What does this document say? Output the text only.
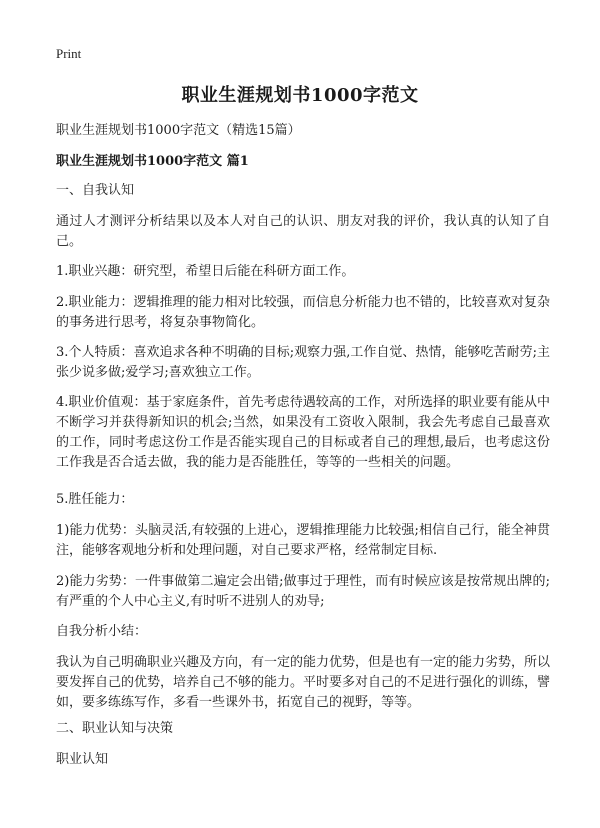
Print
职业生涯规划书1000字范文
职业生涯规划书1000字范文（精选15篇）
职业生涯规划书1000字范文 篇1
一、自我认知
通过人才测评分析结果以及本人对自己的认识、朋友对我的评价，我认真的认知了自己。
1.职业兴趣：研究型，希望日后能在科研方面工作。
2.职业能力：逻辑推理的能力相对比较强，而信息分析能力也不错的，比较喜欢对复杂的事务进行思考，将复杂事物简化。
3.个人特质：喜欢追求各种不明确的目标;观察力强,工作自觉、热情，能够吃苦耐劳;主张少说多做;爱学习;喜欢独立工作。
4.职业价值观：基于家庭条件，首先考虑待遇较高的工作，对所选择的职业要有能从中不断学习并获得新知识的机会;当然，如果没有工资收入限制，我会先考虑自己最喜欢的工作，同时考虑这份工作是否能实现自己的目标或者自己的理想,最后，也考虑这份工作我是否合适去做，我的能力是否能胜任，等等的一些相关的问题。
5.胜任能力：
1)能力优势：头脑灵活,有较强的上进心，逻辑推理能力比较强;相信自己行，能全神贯注，能够客观地分析和处理问题，对自己要求严格，经常制定目标.
2)能力劣势：一件事做第二遍定会出错;做事过于理性，而有时候应该是按常规出牌的;有严重的个人中心主义,有时听不进别人的劝导;
自我分析小结：
我认为自己明确职业兴趣及方向，有一定的能力优势，但是也有一定的能力劣势，所以要发挥自己的优势，培养自己不够的能力。平时要多对自己的不足进行强化的训练，譬如，要多练练写作，多看一些课外书，拓宽自己的视野，等等。
二、职业认知与决策
职业认知
